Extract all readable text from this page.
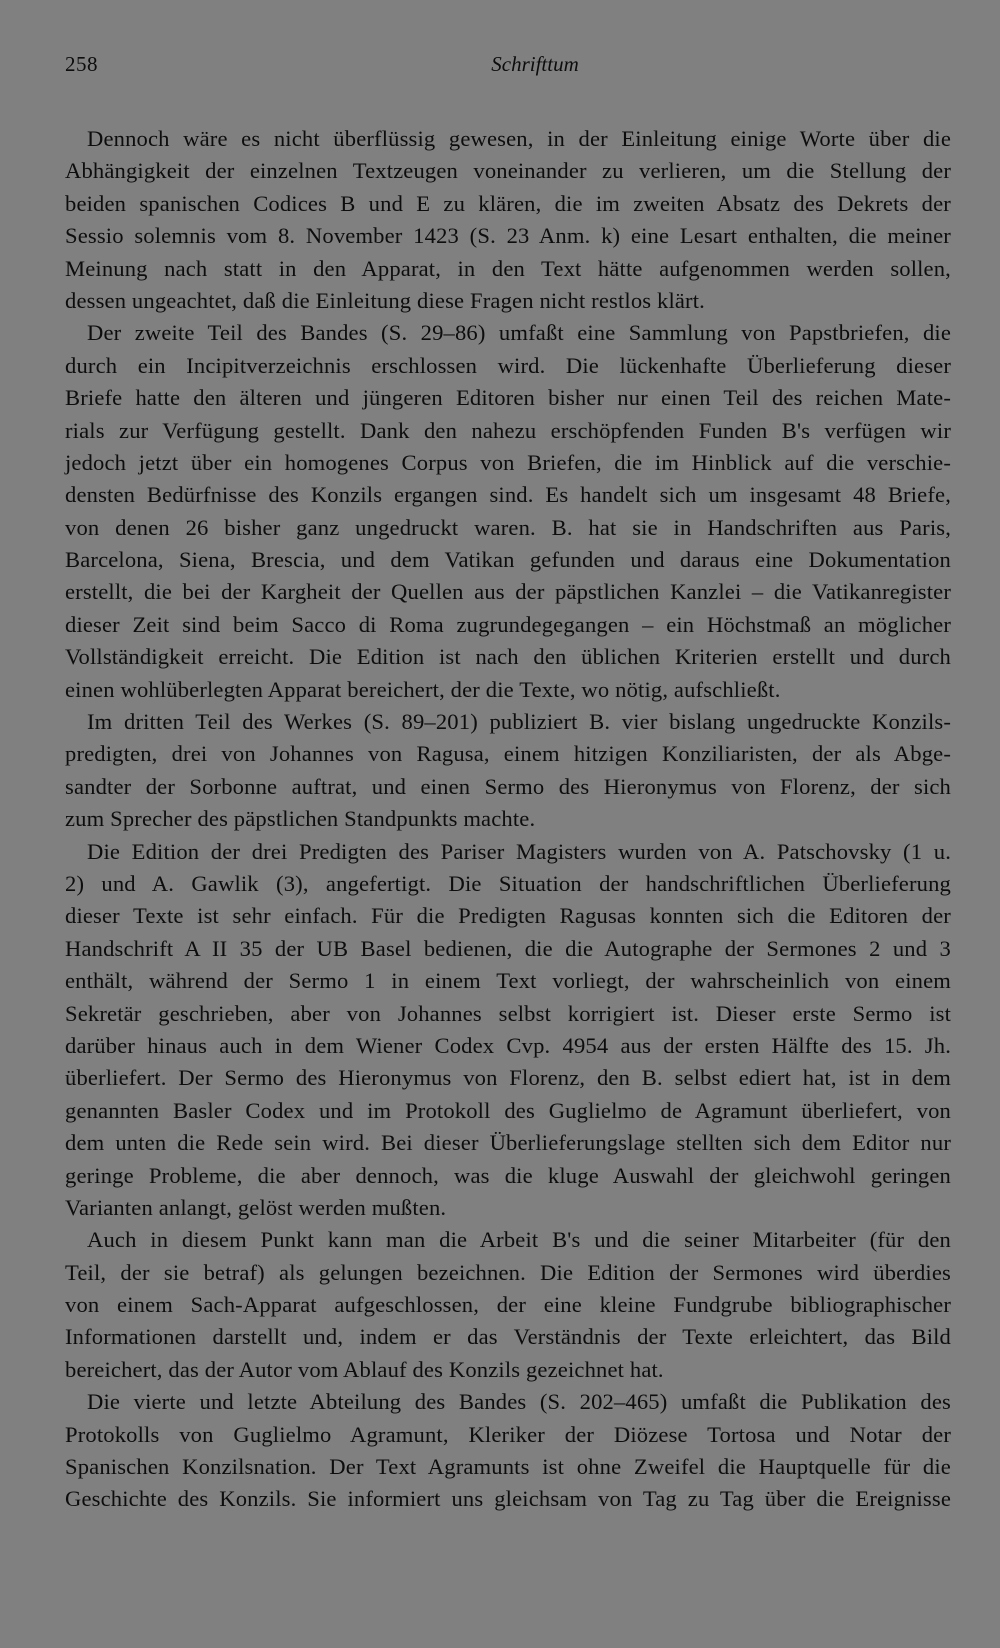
258	Schrifttum
Dennoch wäre es nicht überflüssig gewesen, in der Einleitung einige Worte über die
Abhängigkeit der einzelnen Textzeugen voneinander zu verlieren, um die Stellung der
beiden spanischen Codices B und E zu klären, die im zweiten Absatz des Dekrets der
Sessio solemnis vom 8. November 1423 (S. 23 Anm. k) eine Lesart enthalten, die meiner
Meinung nach statt in den Apparat, in den Text hätte aufgenommen werden sollen,
dessen ungeachtet, daß die Einleitung diese Fragen nicht restlos klärt.
Der zweite Teil des Bandes (S. 29–86) umfaßt eine Sammlung von Papstbriefen, die
durch ein Incipitverzeichnis erschlossen wird. Die lückenhafte Überlieferung dieser
Briefe hatte den älteren und jüngeren Editoren bisher nur einen Teil des reichen Mate-
rials zur Verfügung gestellt. Dank den nahezu erschöpfenden Funden B's verfügen wir
jedoch jetzt über ein homogenes Corpus von Briefen, die im Hinblick auf die verschie-
densten Bedürfnisse des Konzils ergangen sind. Es handelt sich um insgesamt 48 Briefe,
von denen 26 bisher ganz ungedruckt waren. B. hat sie in Handschriften aus Paris,
Barcelona, Siena, Brescia, und dem Vatikan gefunden und daraus eine Dokumentation
erstellt, die bei der Kargheit der Quellen aus der päpstlichen Kanzlei – die Vatikanregister
dieser Zeit sind beim Sacco di Roma zugrundegegangen – ein Höchstmaß an möglicher
Vollständigkeit erreicht. Die Edition ist nach den üblichen Kriterien erstellt und durch
einen wohlüberlegten Apparat bereichert, der die Texte, wo nötig, aufschließt.
Im dritten Teil des Werkes (S. 89–201) publiziert B. vier bislang ungedruckte Konzils-
predigten, drei von Johannes von Ragusa, einem hitzigen Konziliaristen, der als Abge-
sandter der Sorbonne auftrat, und einen Sermo des Hieronymus von Florenz, der sich
zum Sprecher des päpstlichen Standpunkts machte.
Die Edition der drei Predigten des Pariser Magisters wurden von A. Patschovsky (1 u.
2) und A. Gawlik (3), angefertigt. Die Situation der handschriftlichen Überlieferung
dieser Texte ist sehr einfach. Für die Predigten Ragusas konnten sich die Editoren der
Handschrift A II 35 der UB Basel bedienen, die die Autographe der Sermones 2 und 3
enthält, während der Sermo 1 in einem Text vorliegt, der wahrscheinlich von einem
Sekretär geschrieben, aber von Johannes selbst korrigiert ist. Dieser erste Sermo ist
darüber hinaus auch in dem Wiener Codex Cvp. 4954 aus der ersten Hälfte des 15. Jh.
überliefert. Der Sermo des Hieronymus von Florenz, den B. selbst ediert hat, ist in dem
genannten Basler Codex und im Protokoll des Guglielmo de Agramunt überliefert, von
dem unten die Rede sein wird. Bei dieser Überlieferungslage stellten sich dem Editor nur
geringe Probleme, die aber dennoch, was die kluge Auswahl der gleichwohl geringen
Varianten anlangt, gelöst werden mußten.
Auch in diesem Punkt kann man die Arbeit B's und die seiner Mitarbeiter (für den
Teil, der sie betraf) als gelungen bezeichnen. Die Edition der Sermones wird überdies
von einem Sach-Apparat aufgeschlossen, der eine kleine Fundgrube bibliographischer
Informationen darstellt und, indem er das Verständnis der Texte erleichtert, das Bild
bereichert, das der Autor vom Ablauf des Konzils gezeichnet hat.
Die vierte und letzte Abteilung des Bandes (S. 202–465) umfaßt die Publikation des
Protokolls von Guglielmo Agramunt, Kleriker der Diözese Tortosa und Notar der
Spanischen Konzilsnation. Der Text Agramunts ist ohne Zweifel die Hauptquelle für die
Geschichte des Konzils. Sie informiert uns gleichsam von Tag zu Tag über die Ereignisse
